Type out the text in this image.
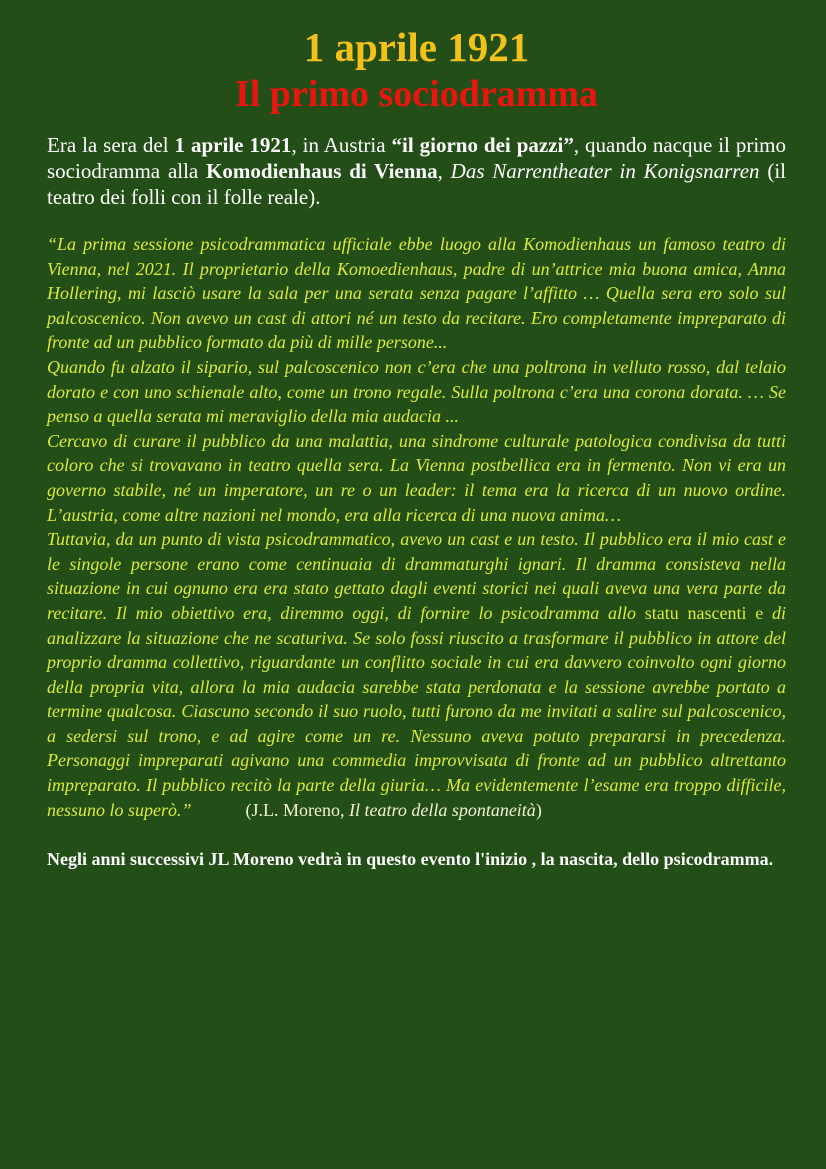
1 aprile 1921
Il primo sociodramma

Era la sera del 1 aprile 1921, in Austria “il giorno dei pazzi”, quando nacque il primo sociodramma alla Komodienhaus di Vienna, Das Narrentheater in Konigsnarren (il teatro dei folli con il folle reale).

“La prima sessione psicodrammatica ufficiale ebbe luogo alla Komodienhaus un famoso teatro di Vienna, nel 2021. Il proprietario della Komoedienhaus, padre di un’attrice mia buona amica, Anna Hollering, mi lasciò usare la sala per una serata senza pagare l’affitto … Quella sera ero solo sul palcoscenico. Non avevo un cast di attori né un testo da recitare. Ero completamente impreparato di fronte ad un pubblico formato da più di mille persone...
Quando fu alzato il sipario, sul palcoscenico non c’era che una poltrona in velluto rosso, dal telaio dorato e con uno schienale alto, come un trono regale. Sulla poltrona c’era una corona dorata. … Se penso a quella serata mi meraviglio della mia audacia ...
Cercavo di curare il pubblico da una malattia, una sindrome culturale patologica condivisa da tutti coloro che si trovavano in teatro quella sera. La Vienna postbellica era in fermento. Non vi era un governo stabile, né un imperatore, un re o un leader: il tema era la ricerca di un nuovo ordine. L’austria, come altre nazioni nel mondo, era alla ricerca di una nuova anima…
Tuttavia, da un punto di vista psicodrammatico, avevo un cast e un testo. Il pubblico era il mio cast e le singole persone erano come centinuaia di drammaturghi ignari. Il dramma consisteva nella situazione in cui ognuno era era stato gettato dagli eventi storici nei quali aveva una vera parte da recitare. Il mio obiettivo era, diremmo oggi, di fornire lo psicodramma allo statu nascenti e di analizzare la situazione che ne scaturiva. Se solo fossi riuscito a trasformare il pubblico in attore del proprio dramma collettivo, riguardante un conflitto sociale in cui era davvero coinvolto ogni giorno della propria vita, allora la mia audacia sarebbe stata perdonata e la sessione avrebbe portato a termine qualcosa. Ciascuno secondo il suo ruolo, tutti furono da me invitati a salire sul palcoscenico, a sedersi sul trono, e ad agire come un re. Nessuno aveva potuto prepararsi in precedenza. Personaggi impreparati agivano una commedia improvvisata di fronte ad un pubblico altrettanto impreparato. Il pubblico recitò la parte della giuria… Ma evidentemente l’esame era troppo difficile, nessuno lo superò.”   	(J.L. Moreno, Il teatro della spontaneità)

Negli anni successivi JL Moreno vedrà in questo evento l'inizio , la nascita, dello psicodramma.
